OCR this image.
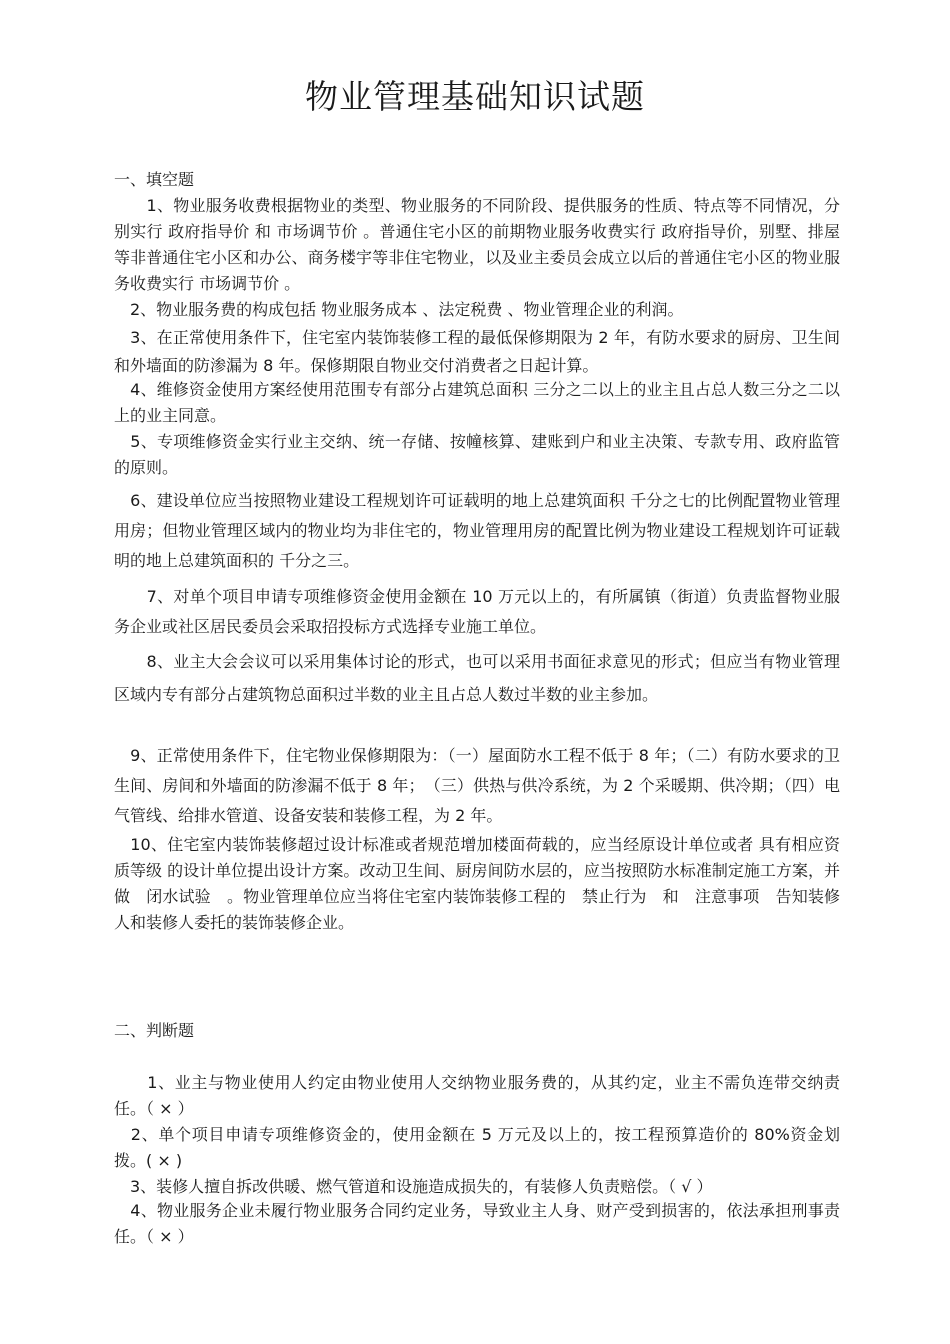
物业管理基础知识试题
一、填空题

　　1、物业服务收费根据物业的类型、物业服务的不同阶段、提供服务的性质、特点等不同情况，分别实行 政府指导价 和 市场调节价 。普通住宅小区的前期物业服务收费实行 政府指导价，别墅、排屋等非普通住宅小区和办公、商务楼宇等非住宅物业，以及业主委员会成立以后的普通住宅小区的物业服务收费实行 市场调节价 。

　2、物业服务费的构成包括 物业服务成本 、法定税费 、物业管理企业的利润。

　3、在正常使用条件下，住宅室内装饰装修工程的最低保修期限为 2 年，有防水要求的厨房、卫生间和外墙面的防渗漏为 8 年。保修期限自物业交付消费者之日起计算。

　4、维修资金使用方案经使用范围专有部分占建筑总面积 三分之二以上的业主且占总人数三分之二以上的业主同意。

　5、专项维修资金实行业主交纳、统一存储、按幢核算、建账到户和业主决策、专款专用、政府监管的原则。

　6、建设单位应当按照物业建设工程规划许可证载明的地上总建筑面积 千分之七的比例配置物业管理用房；但物业管理区域内的物业均为非住宅的，物业管理用房的配置比例为物业建设工程规划许可证载明的地上总建筑面积的 千分之三。

　　7、对单个项目申请专项维修资金使用金额在 10 万元以上的，有所属镇（街道）负责监督物业服务企业或社区居民委员会采取招投标方式选择专业施工单位。

　　8、业主大会会议可以采用集体讨论的形式，也可以采用书面征求意见的形式；但应当有物业管理区域内专有部分占建筑物总面积过半数的业主且占总人数过半数的业主参加。

　9、正常使用条件下，住宅物业保修期限为：（一）屋面防水工程不低于 8 年；（二）有防水要求的卫生间、房间和外墙面的防渗漏不低于 8 年；　（三）供热与供冷系统，为 2 个采暖期、供冷期；（四）电气管线、给排水管道、设备安装和装修工程，为 2 年。

　10、住宅室内装饰装修超过设计标准或者规范增加楼面荷载的，应当经原设计单位或者 具有相应资质等级 的设计单位提出设计方案。改动卫生间、厨房间防水层的，应当按照防水标准制定施工方案，并做　闭水试验　。物业管理单位应当将住宅室内装饰装修工程的　禁止行为　和　注意事项　告知装修人和装修人委托的装饰装修企业。

二、判断题

　　1、业主与物业使用人约定由物业使用人交纳物业服务费的，从其约定，业主不需负连带交纳责任。（ × ）

　2、单个项目申请专项维修资金的，使用金额在 5 万元及以上的，按工程预算造价的 80%资金划拨。( × )

　3、装修人擅自拆改供暖、燃气管道和设施造成损失的，有装修人负责赔偿。（ √ ）

　4、物业服务企业未履行物业服务合同约定业务，导致业主人身、财产受到损害的，依法承担刑事责任。（ × ）
